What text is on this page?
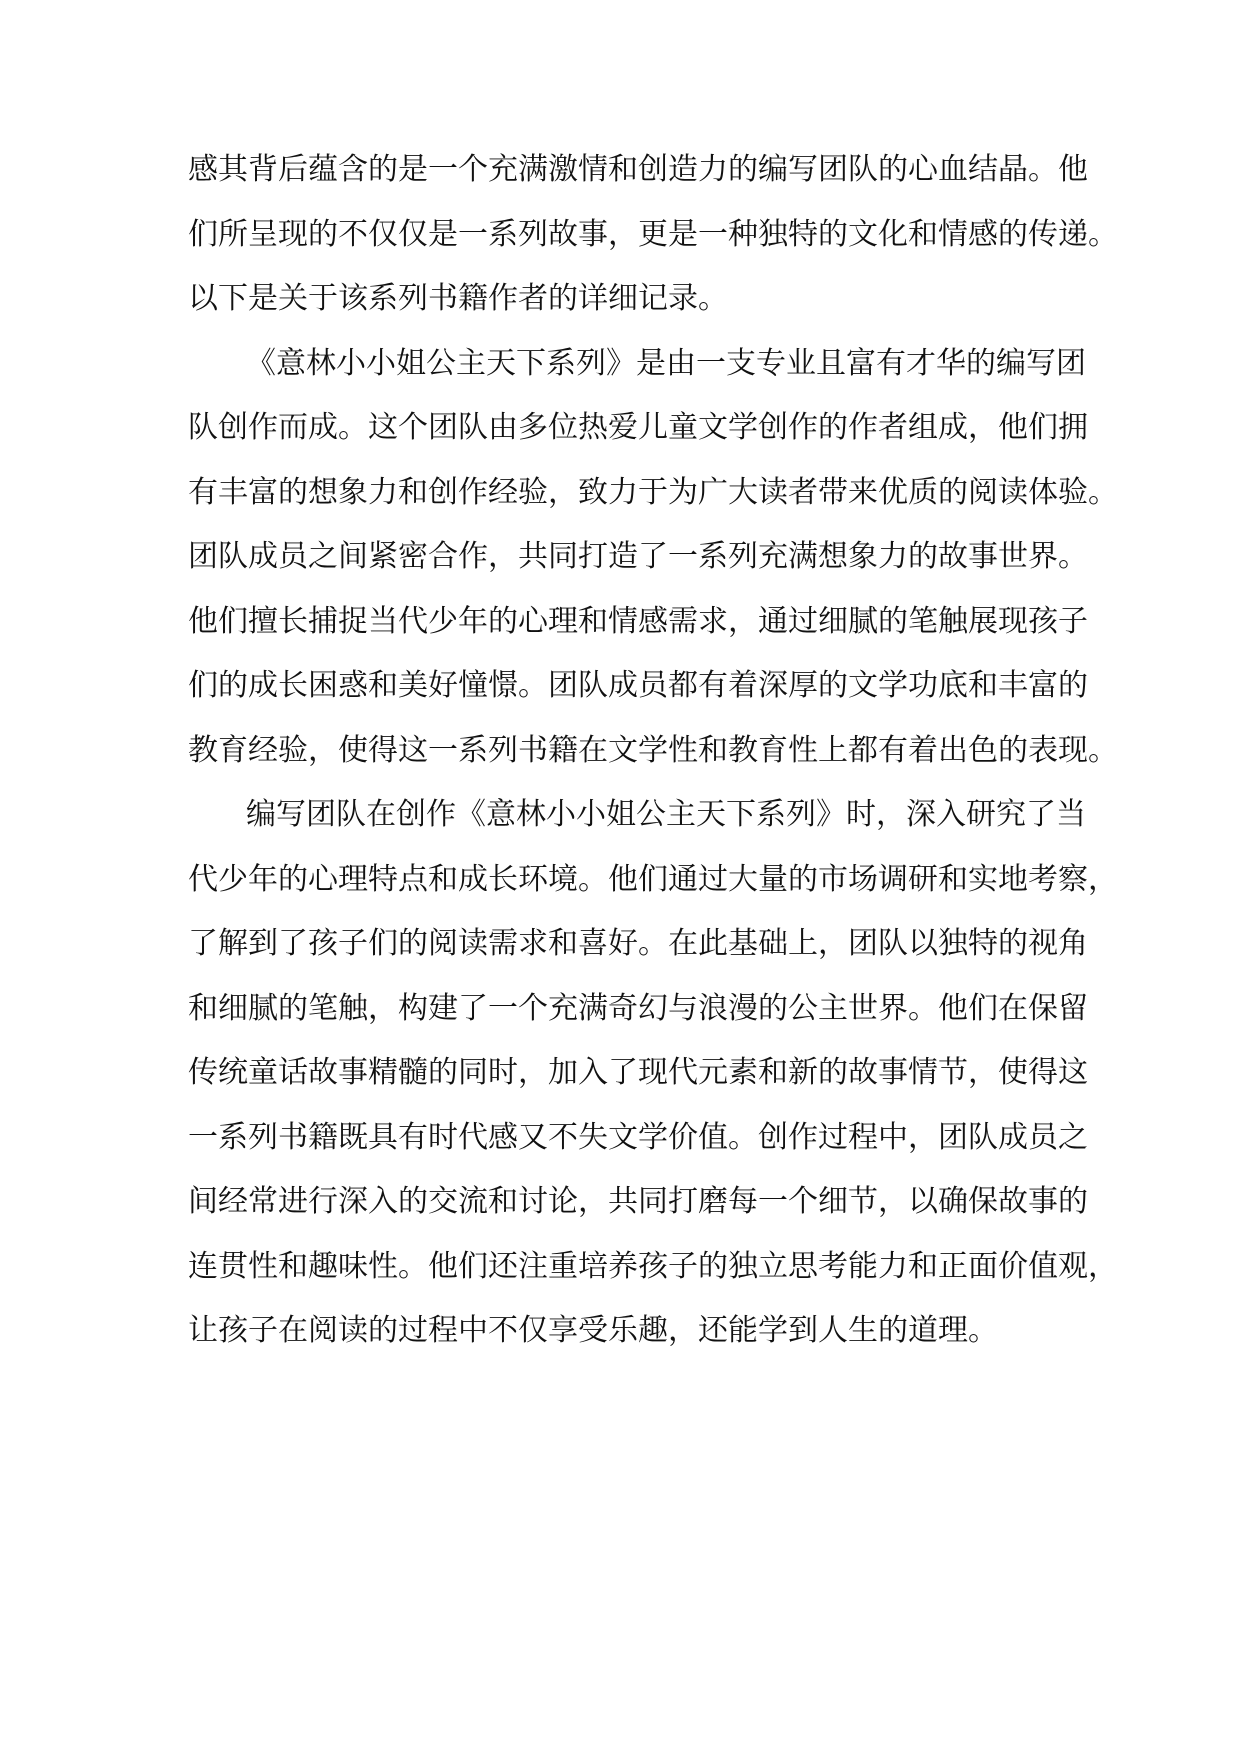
感其背后蕴含的是一个充满激情和创造力的编写团队的心血结晶。他
们所呈现的不仅仅是一系列故事，更是一种独特的文化和情感的传递。
以下是关于该系列书籍作者的详细记录。
《意林小小姐公主天下系列》是由一支专业且富有才华的编写团
队创作而成。这个团队由多位热爱儿童文学创作的作者组成，他们拥
有丰富的想象力和创作经验，致力于为广大读者带来优质的阅读体验。
团队成员之间紧密合作，共同打造了一系列充满想象力的故事世界。
他们擅长捕捉当代少年的心理和情感需求，通过细腻的笔触展现孩子
们的成长困惑和美好憧憬。团队成员都有着深厚的文学功底和丰富的
教育经验，使得这一系列书籍在文学性和教育性上都有着出色的表现。
编写团队在创作《意林小小姐公主天下系列》时，深入研究了当
代少年的心理特点和成长环境。他们通过大量的市场调研和实地考察，
了解到了孩子们的阅读需求和喜好。在此基础上，团队以独特的视角
和细腻的笔触，构建了一个充满奇幻与浪漫的公主世界。他们在保留
传统童话故事精髓的同时，加入了现代元素和新的故事情节，使得这
一系列书籍既具有时代感又不失文学价值。创作过程中，团队成员之
间经常进行深入的交流和讨论，共同打磨每一个细节，以确保故事的
连贯性和趣味性。他们还注重培养孩子的独立思考能力和正面价值观，
让孩子在阅读的过程中不仅享受乐趣，还能学到人生的道理。
